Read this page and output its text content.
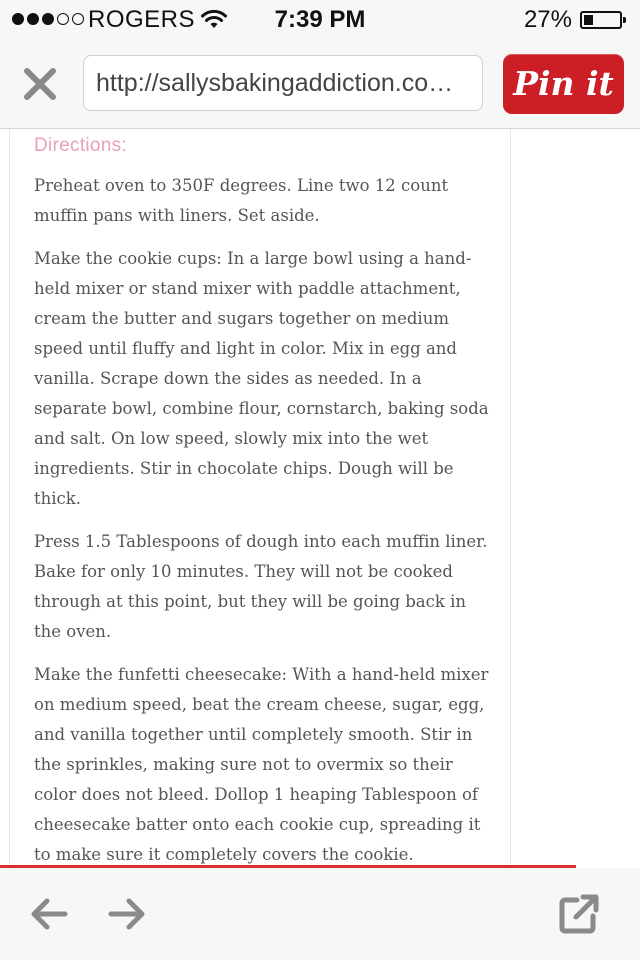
ROGERS	7:39 PM	27%
http://sallysbakingaddiction.co…	Pin it
Directions:

Preheat oven to 350F degrees. Line two 12 count muffin pans with liners. Set aside.

Make the cookie cups: In a large bowl using a hand-held mixer or stand mixer with paddle attachment, cream the butter and sugars together on medium speed until fluffy and light in color. Mix in egg and vanilla. Scrape down the sides as needed. In a separate bowl, combine flour, cornstarch, baking soda and salt. On low speed, slowly mix into the wet ingredients. Stir in chocolate chips. Dough will be thick.

Press 1.5 Tablespoons of dough into each muffin liner. Bake for only 10 minutes. They will not be cooked through at this point, but they will be going back in the oven.

Make the funfetti cheesecake: With a hand-held mixer on medium speed, beat the cream cheese, sugar, egg, and vanilla together until completely smooth. Stir in the sprinkles, making sure not to overmix so their color does not bleed. Dollop 1 heaping Tablespoon of cheesecake batter onto each cookie cup, spreading it to make sure it completely covers the cookie.
